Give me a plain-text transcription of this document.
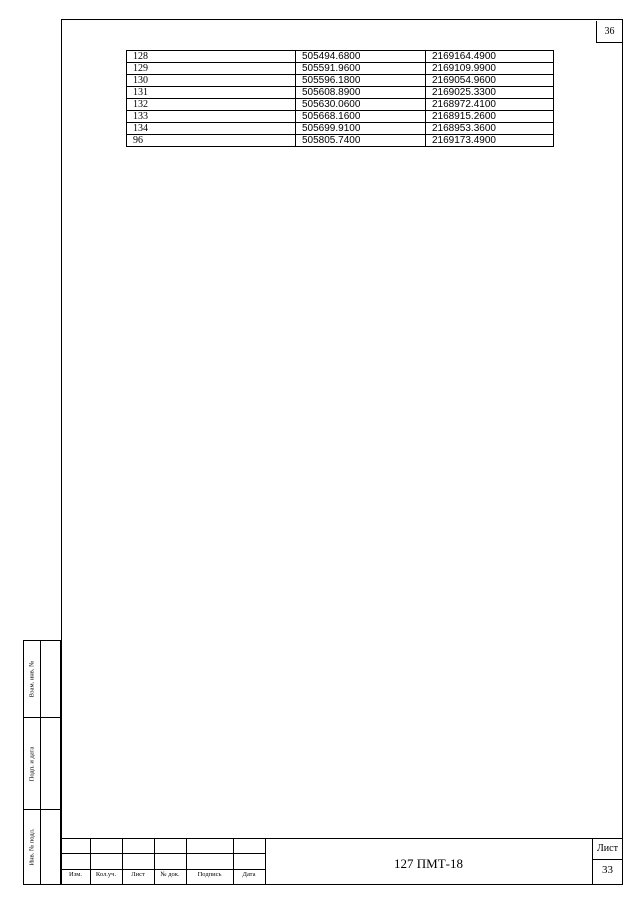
36
128	505494.6800	2169164.4900
129	505591.9600	2169109.9900
130	505596.1800	2169054.9600
131	505608.8900	2169025.3300
132	505630.0600	2168972.4100
133	505668.1600	2168915.2600
134	505699.9100	2168953.3600
96	505805.7400	2169173.4900
Взам. инв. №
Подп. и дата
Инв. № подл.
Изм.	Кол.уч.	Лист	№ док.	Подпись	Дата
127 ПМТ-18
Лист
33
